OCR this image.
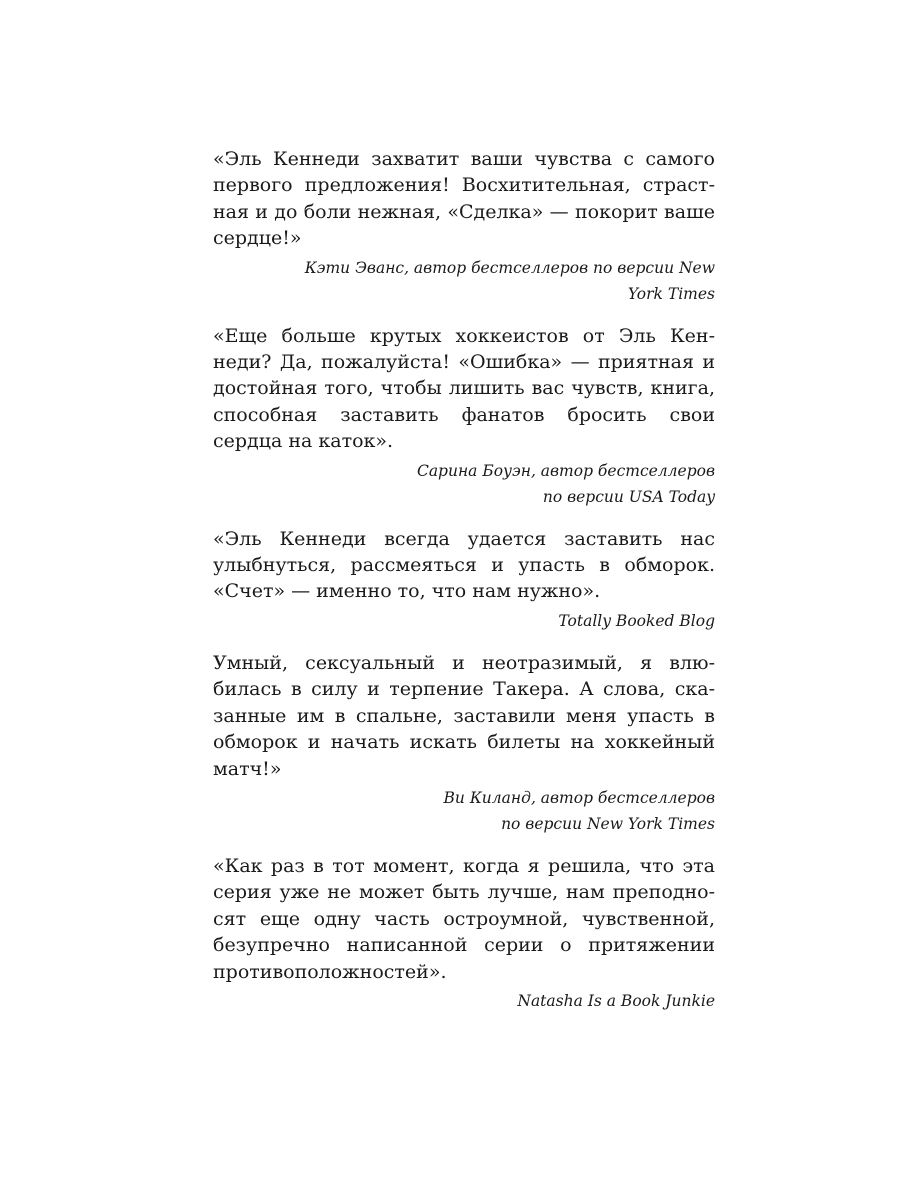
«Эль Кеннеди захватит ваши чувства с самого первого предложения! Восхитительная, страстная и до боли нежная, «Сделка» — покорит ваше сердце!»

Кэти Эванс, автор бестселлеров по версии New
York Times

«Еще больше крутых хоккеистов от Эль Кеннеди? Да, пожалуйста! «Ошибка» — приятная и достойная того, чтобы лишить вас чувств, книга, способная заставить фанатов бросить свои сердца на каток».

Сарина Боуэн, автор бестселлеров
по версии USA Today

«Эль Кеннеди всегда удается заставить нас улыбнуться, рассмеяться и упасть в обморок. «Счет» — именно то, что нам нужно».

Totally Booked Blog

Умный, сексуальный и неотразимый, я влюбилась в силу и терпение Такера. А слова, сказанные им в спальне, заставили меня упасть в обморок и начать искать билеты на хоккейный матч!»

Ви Киланд, автор бестселлеров
по версии New York Times

«Как раз в тот момент, когда я решила, что эта серия уже не может быть лучше, нам преподносят еще одну часть остроумной, чувственной, безупречно написанной серии о притяжении противоположностей».

Natasha Is a Book Junkie
